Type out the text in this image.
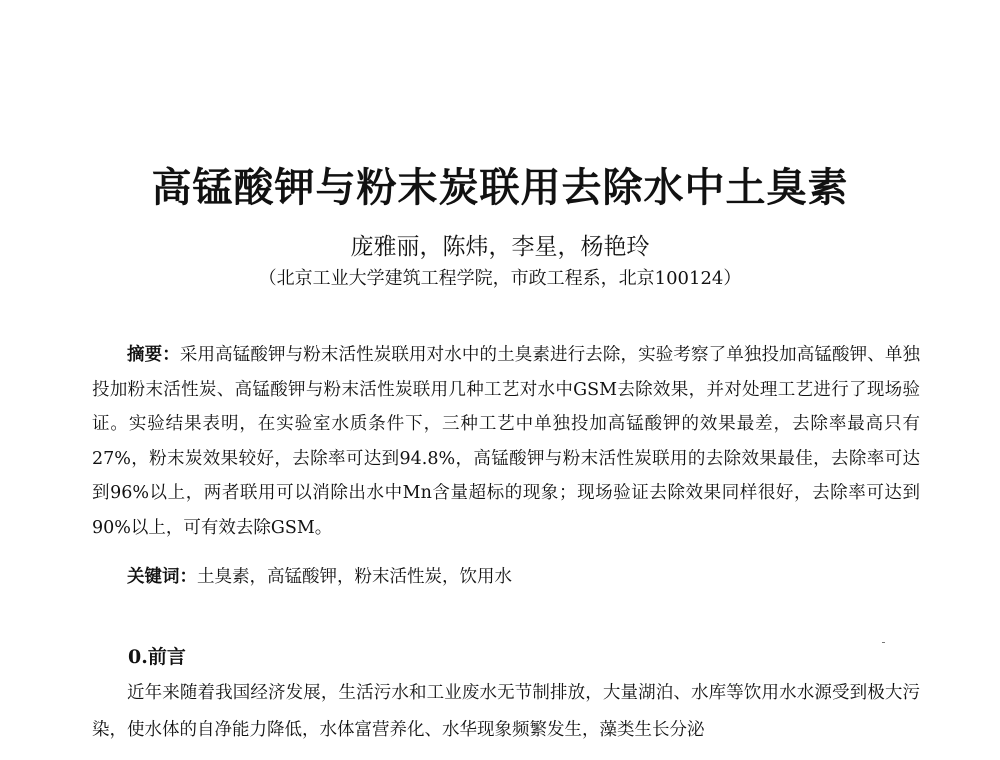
高锰酸钾与粉末炭联用去除水中土臭素
庞雅丽，陈炜，李星，杨艳玲
（北京工业大学建筑工程学院，市政工程系，北京100124）
摘要：采用高锰酸钾与粉末活性炭联用对水中的土臭素进行去除，实验考察了单独投加高锰酸钾、单独投加粉末活性炭、高锰酸钾与粉末活性炭联用几种工艺对水中GSM去除效果，并对处理工艺进行了现场验证。实验结果表明，在实验室水质条件下，三种工艺中单独投加高锰酸钾的效果最差，去除率最高只有27%，粉末炭效果较好，去除率可达到94.8%，高锰酸钾与粉末活性炭联用的去除效果最佳，去除率可达到96%以上，两者联用可以消除出水中Mn含量超标的现象；现场验证去除效果同样很好，去除率可达到90%以上，可有效去除GSM。
关键词：土臭素，高锰酸钾，粉末活性炭，饮用水
0.前言
近年来随着我国经济发展，生活污水和工业废水无节制排放，大量湖泊、水库等饮用水水源受到极大污染，使水体的自净能力降低，水体富营养化、水华现象频繁发生，藻类生长分泌
